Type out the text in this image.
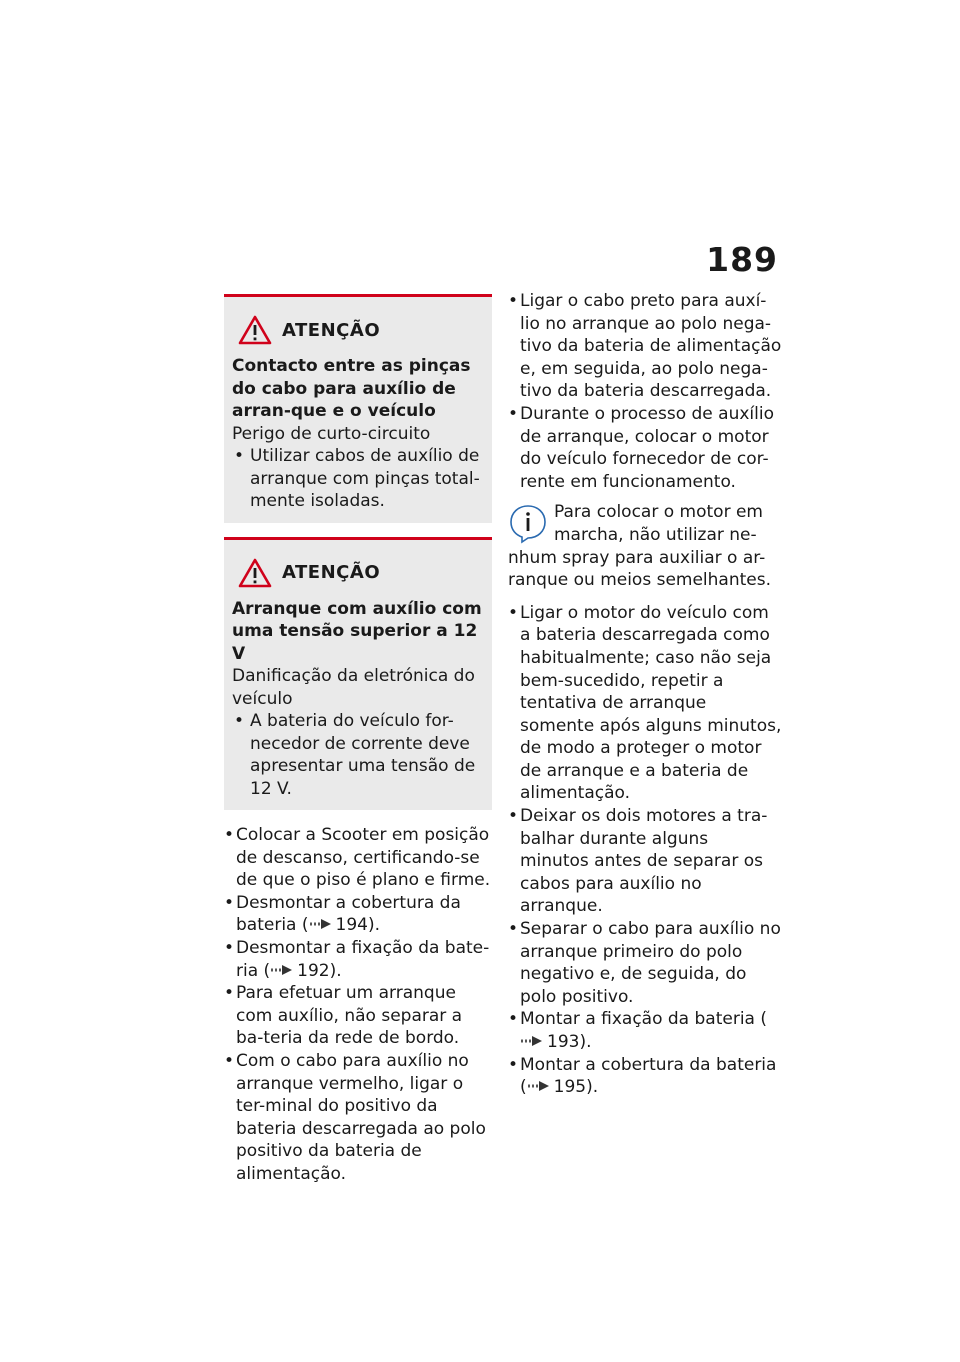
189
ATENÇÃO
Contacto entre as pinças do cabo para auxílio de arran-que e o veículo
Perigo de curto-circuito
• Utilizar cabos de auxílio de arranque com pinças total-mente isoladas.
ATENÇÃO
Arranque com auxílio com uma tensão superior a 12 V
Danificação da eletrónica do veículo
• A bateria do veículo for-necedor de corrente deve apresentar uma tensão de 12 V.
• Colocar a Scooter em posição de descanso, certificando-se de que o piso é plano e firme.
• Desmontar a cobertura da bateria ( 194).
• Desmontar a fixação da bate-ria ( 192).
• Para efetuar um arranque com auxílio, não separar a ba-teria da rede de bordo.
• Com o cabo para auxílio no arranque vermelho, ligar o ter-minal do positivo da bateria descarregada ao polo positivo da bateria de alimentação.
• Ligar o cabo preto para auxí-lio no arranque ao polo nega-tivo da bateria de alimentação e, em seguida, ao polo nega-tivo da bateria descarregada.
• Durante o processo de auxílio de arranque, colocar o motor do veículo fornecedor de cor-rente em funcionamento.
Para colocar o motor em marcha, não utilizar ne-nhum spray para auxiliar o ar-ranque ou meios semelhantes.
• Ligar o motor do veículo com a bateria descarregada como habitualmente; caso não seja bem-sucedido, repetir a tentativa de arranque somente após alguns minutos, de modo a proteger o motor de arranque e a bateria de alimentação.
• Deixar os dois motores a tra-balhar durante alguns minutos antes de separar os cabos para auxílio no arranque.
• Separar o cabo para auxílio no arranque primeiro do polo negativo e, de seguida, do polo positivo.
• Montar a fixação da bateria (193).
• Montar a cobertura da bateria ( 195).
